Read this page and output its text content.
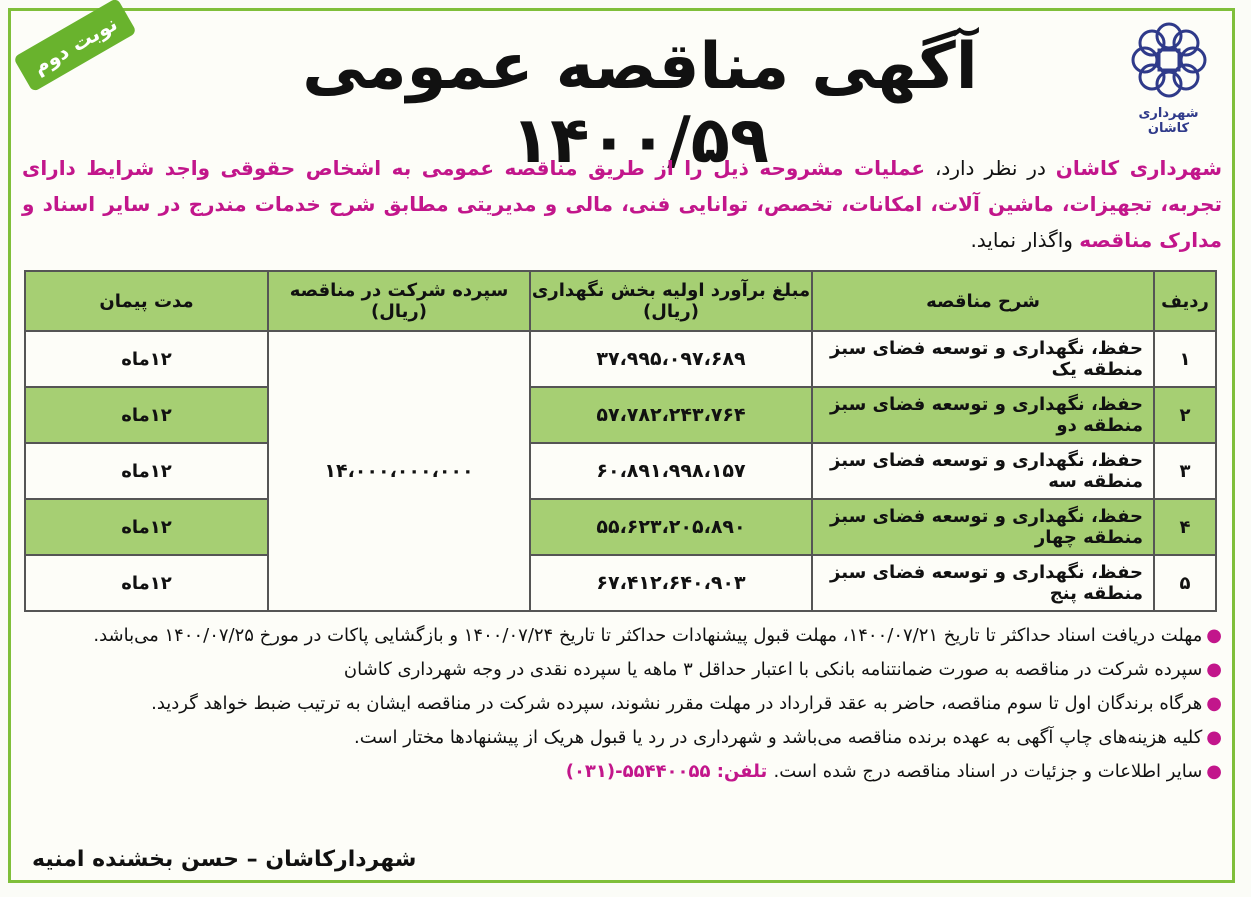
نوبت دوم	آگهی مناقصه عمومی ۱۴۰۰/۵۹	شهرداری کاشان
شهرداری کاشان در نظر دارد، عملیات مشروحه ذیل را از طریق مناقصه عمومی به اشخاص حقوقی واجد شرایط دارای تجربه، تجهیزات، ماشین آلات، امکانات، تخصص، توانایی فنی، مالی و مدیریتی مطابق شرح خدمات مندرج در سایر اسناد و مدارک مناقصه واگذار نماید.
ردیف	شرح مناقصه	مبلغ برآورد اولیه بخش نگهداری (ریال)	سپرده شرکت در مناقصه (ریال)	مدت پیمان
۱	حفظ، نگهداری و توسعه فضای سبز منطقه یک	۳۷،۹۹۵،۰۹۷،۶۸۹	۱۴،۰۰۰،۰۰۰،۰۰۰	۱۲ماه
۲	حفظ، نگهداری و توسعه فضای سبز منطقه دو	۵۷،۷۸۲،۲۴۳،۷۶۴		۱۲ماه
۳	حفظ، نگهداری و توسعه فضای سبز منطقه سه	۶۰،۸۹۱،۹۹۸،۱۵۷		۱۲ماه
۴	حفظ، نگهداری و توسعه فضای سبز منطقه چهار	۵۵،۶۲۳،۲۰۵،۸۹۰		۱۲ماه
۵	حفظ، نگهداری و توسعه فضای سبز منطقه پنج	۶۷،۴۱۲،۶۴۰،۹۰۳		۱۲ماه

●مهلت دریافت اسناد حداکثر تا تاریخ ۱۴۰۰/۰۷/۲۱، مهلت قبول پیشنهادات حداکثر تا تاریخ ۱۴۰۰/۰۷/۲۴ و بازگشایی پاکات در مورخ ۱۴۰۰/۰۷/۲۵ می‌باشد.

●سپرده شرکت در مناقصه به صورت ضمانتنامه بانکی با اعتبار حداقل ۳ ماهه یا سپرده نقدی در وجه شهرداری کاشان

●هرگاه برندگان اول تا سوم مناقصه، حاضر به عقد قرارداد در مهلت مقرر نشوند، سپرده شرکت در مناقصه ایشان به ترتیب ضبط خواهد گردید.

●کلیه هزینه‌های چاپ آگهی به عهده برنده مناقصه می‌باشد و شهرداری در رد یا قبول هریک از پیشنهادها مختار است.

●سایر اطلاعات و جزئیات در اسناد مناقصه درج شده است. تلفن: ۵۵۴۴۰۰۵۵-(۰۳۱)

شهردارکاشان – حسن بخشنده امنیه
